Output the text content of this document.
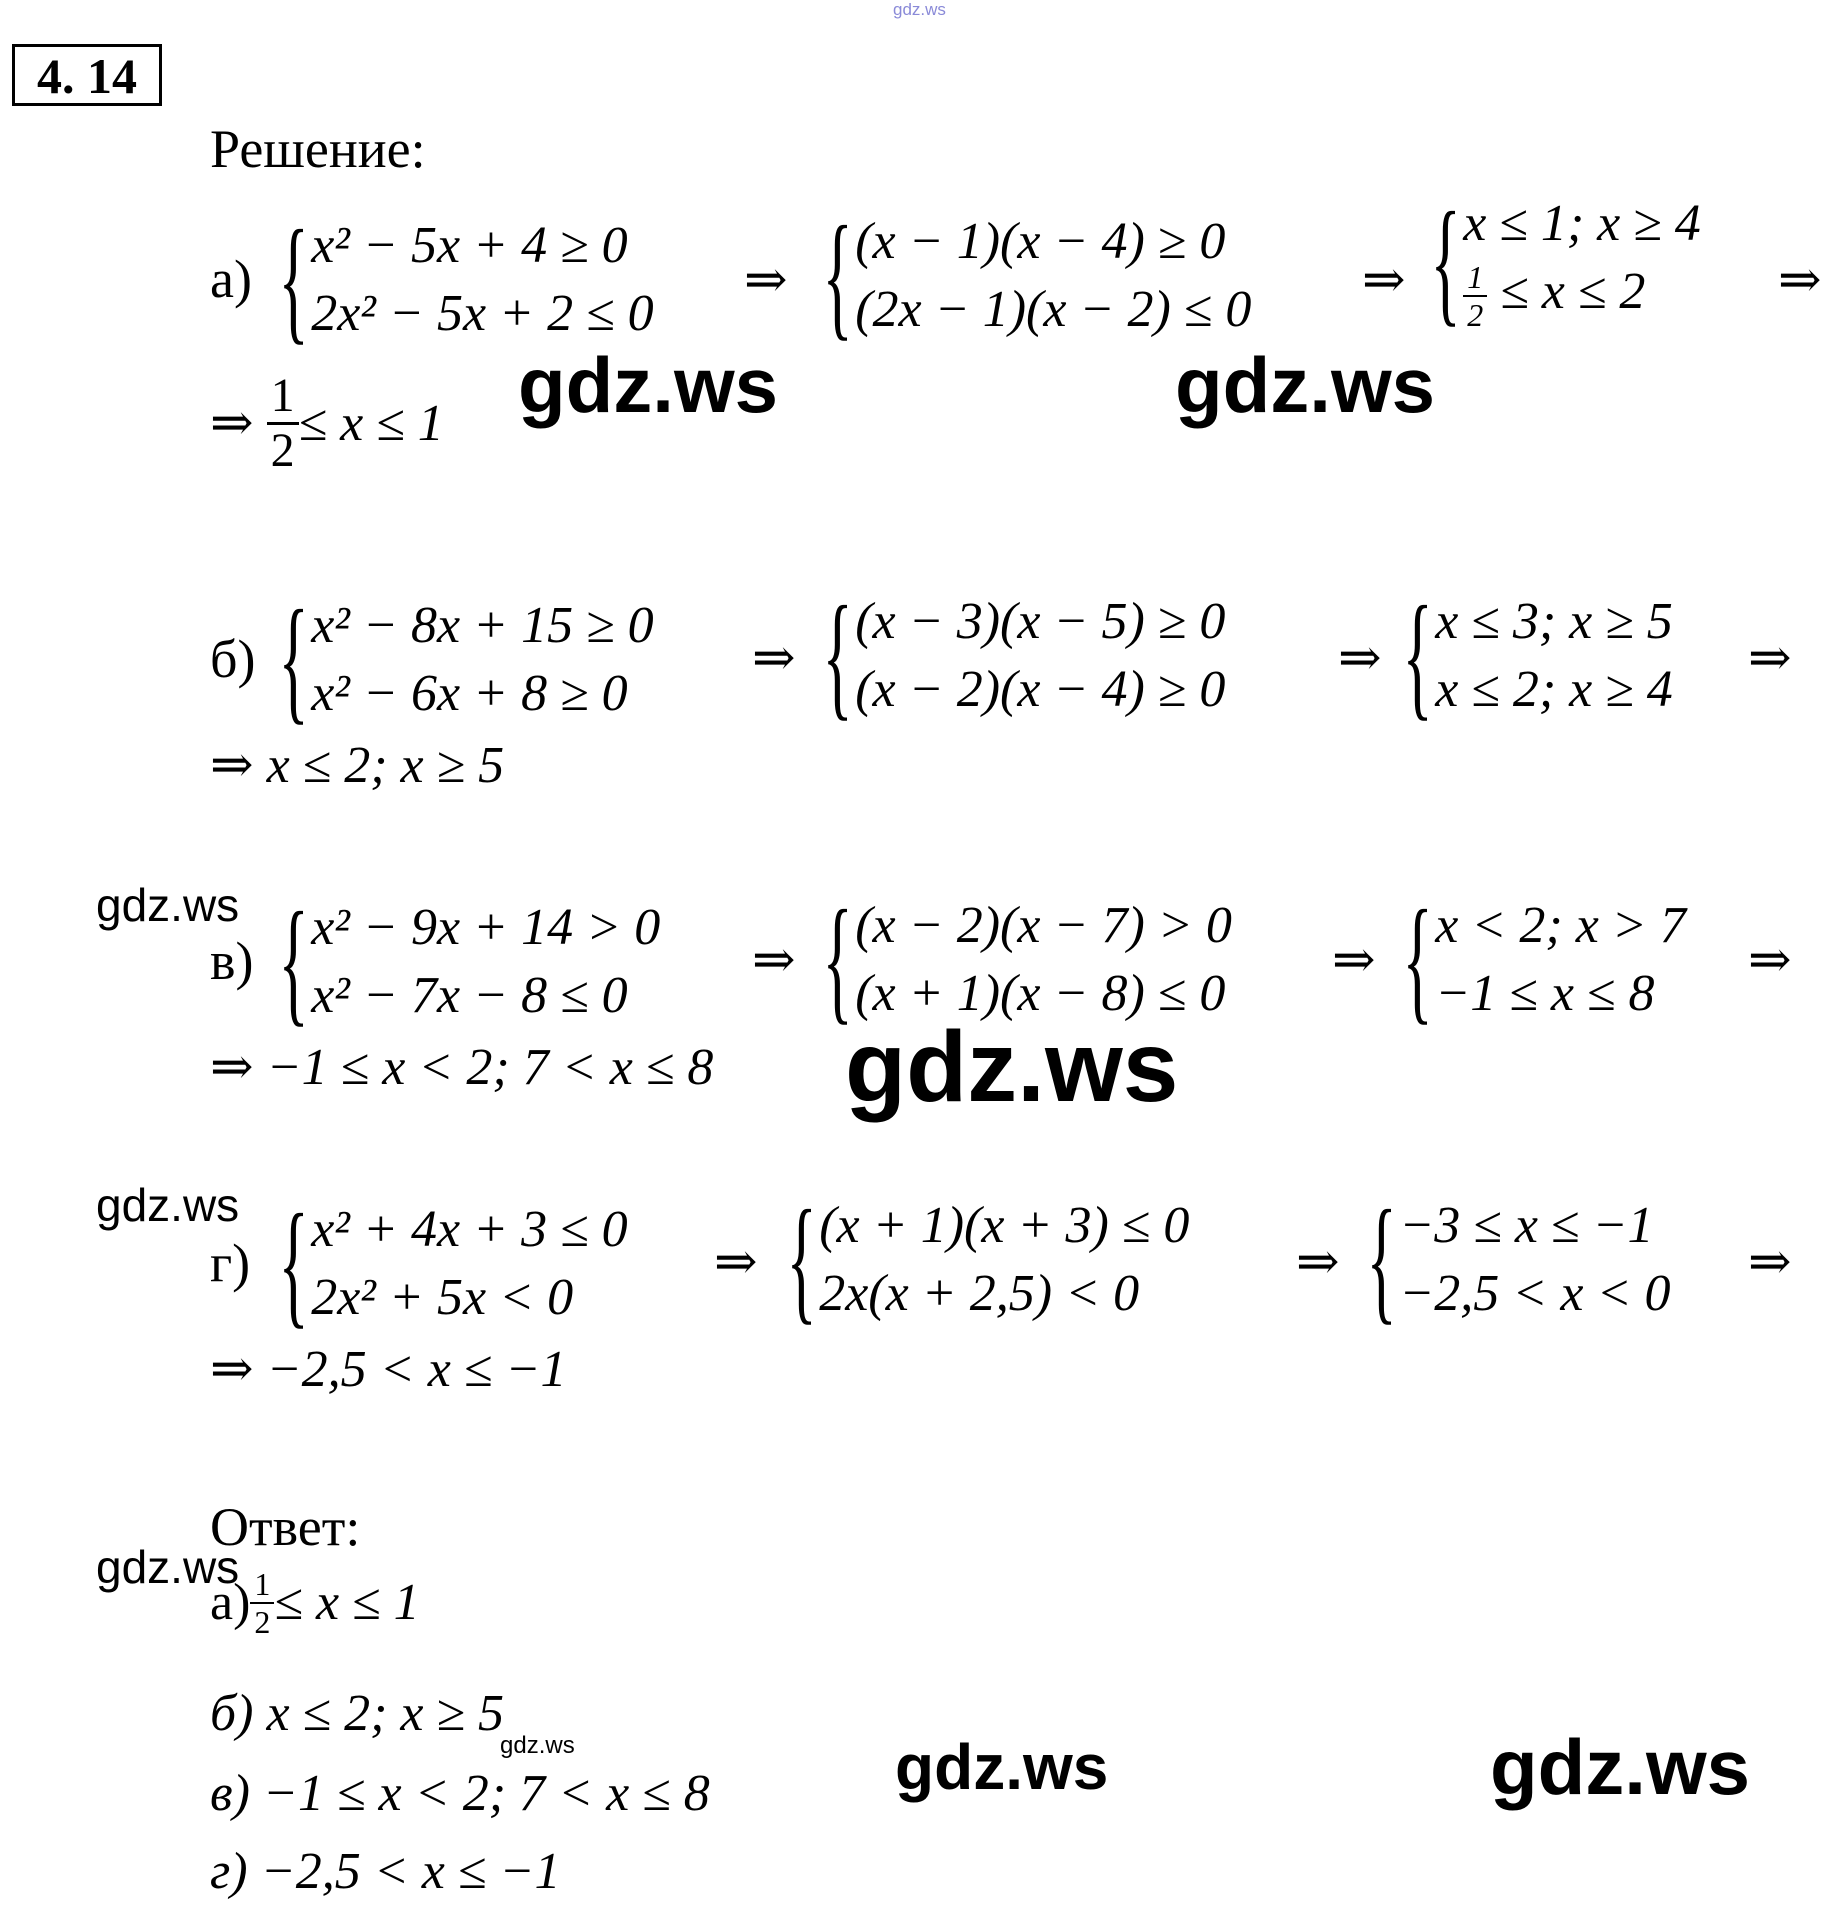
gdz.ws
4. 14
Решение:
а) { x² − 5x + 4 ≥ 0
2x² − 5x + 2 ≤ 0
⇒ { (x − 1)(x − 4) ≥ 0
(2x − 1)(x − 2) ≤ 0
⇒ { x ≤ 1; x ≥ 4
$\frac{1}{2} \le x \le 2$	⇒
⇒
$\frac{1}{2} \le x \le 1$ gdz.ws	gdz.ws
б) { x² − 8x + 15 ≥ 0
x² − 6x + 8 ≥ 0
⇒ { (x − 3)(x − 5) ≥ 0
(x − 2)(x − 4) ≥ 0
⇒ { x ≤ 3; x ≥ 5
x ≤ 2; x ≥ 4
⇒
⇒ x ≤ 2; x ≥ 5
gdz.ws
в) { x² − 9x + 14 > 0
x² − 7x − 8 ≤ 0
⇒ { (x − 2)(x − 7) > 0
(x + 1)(x − 8) ≤ 0
⇒ { x < 2; x > 7
−1 ≤ x ≤ 8
⇒
⇒ −1 ≤ x < 2; 7 < x ≤ 8 gdz.ws
gdz.ws
г) { x² + 4x + 3 ≤ 0
2x² + 5x < 0
⇒ { (x + 1)(x + 3) ≤ 0
2x(x + 2,5) < 0
⇒ { −3 ≤ x ≤ −1
−2,5 < x < 0
⇒
⇒ −2,5 < x ≤ −1
Ответ:
gdz.ws
$а) \frac{1}{2} \le x \le 1$
б) x ≤ 2; x ≥ 5
gdz.ws
в) −1 ≤ x < 2; 7 < x ≤ 8	gdz.ws	gdz.ws
г) −2,5 < x ≤ −1
